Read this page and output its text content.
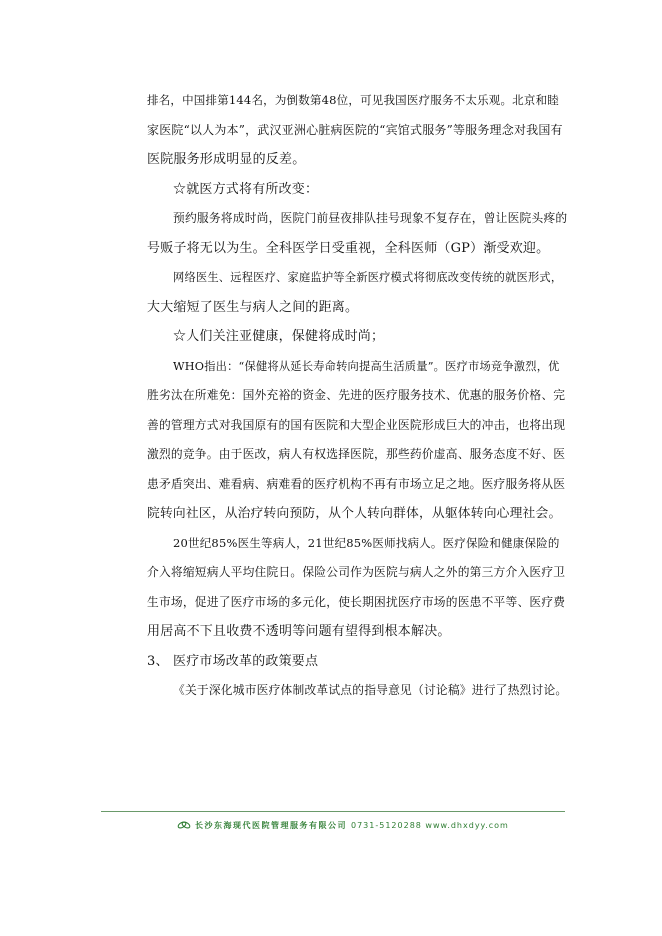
排名，中国排第144名，为倒数第48位，可见我国医疗服务不太乐观。北京和睦
家医院“以人为本”，武汉亚洲心脏病医院的“宾馆式服务”等服务理念对我国有
医院服务形成明显的反差。
☆就医方式将有所改变：
预约服务将成时尚，医院门前昼夜排队挂号现象不复存在，曾让医院头疼的
号贩子将无以为生。全科医学日受重视，全科医师（GP）渐受欢迎。
网络医生、远程医疗、家庭监护等全新医疗模式将彻底改变传统的就医形式，
大大缩短了医生与病人之间的距离。
☆人们关注亚健康，保健将成时尚；
WHO指出：“保健将从延长寿命转向提高生活质量”。医疗市场竞争激烈，优
胜劣汰在所难免：国外充裕的资金、先进的医疗服务技术、优惠的服务价格、完
善的管理方式对我国原有的国有医院和大型企业医院形成巨大的冲击，也将出现
激烈的竞争。由于医改，病人有权选择医院，那些药价虚高、服务态度不好、医
患矛盾突出、难看病、病难看的医疗机构不再有市场立足之地。医疗服务将从医
院转向社区，从治疗转向预防，从个人转向群体，从躯体转向心理社会。
20世纪85%医生等病人，21世纪85%医师找病人。医疗保险和健康保险的
介入将缩短病人平均住院日。保险公司作为医院与病人之外的第三方介入医疗卫
生市场，促进了医疗市场的多元化，使长期困扰医疗市场的医患不平等、医疗费
用居高不下且收费不透明等问题有望得到根本解决。
3、 医疗市场改革的政策要点
《关于深化城市医疗体制改革试点的指导意见（讨论稿》进行了热烈讨论。
长沙东海现代医院管理服务有限公司 0731-5120288 www.dhxdyy.com
